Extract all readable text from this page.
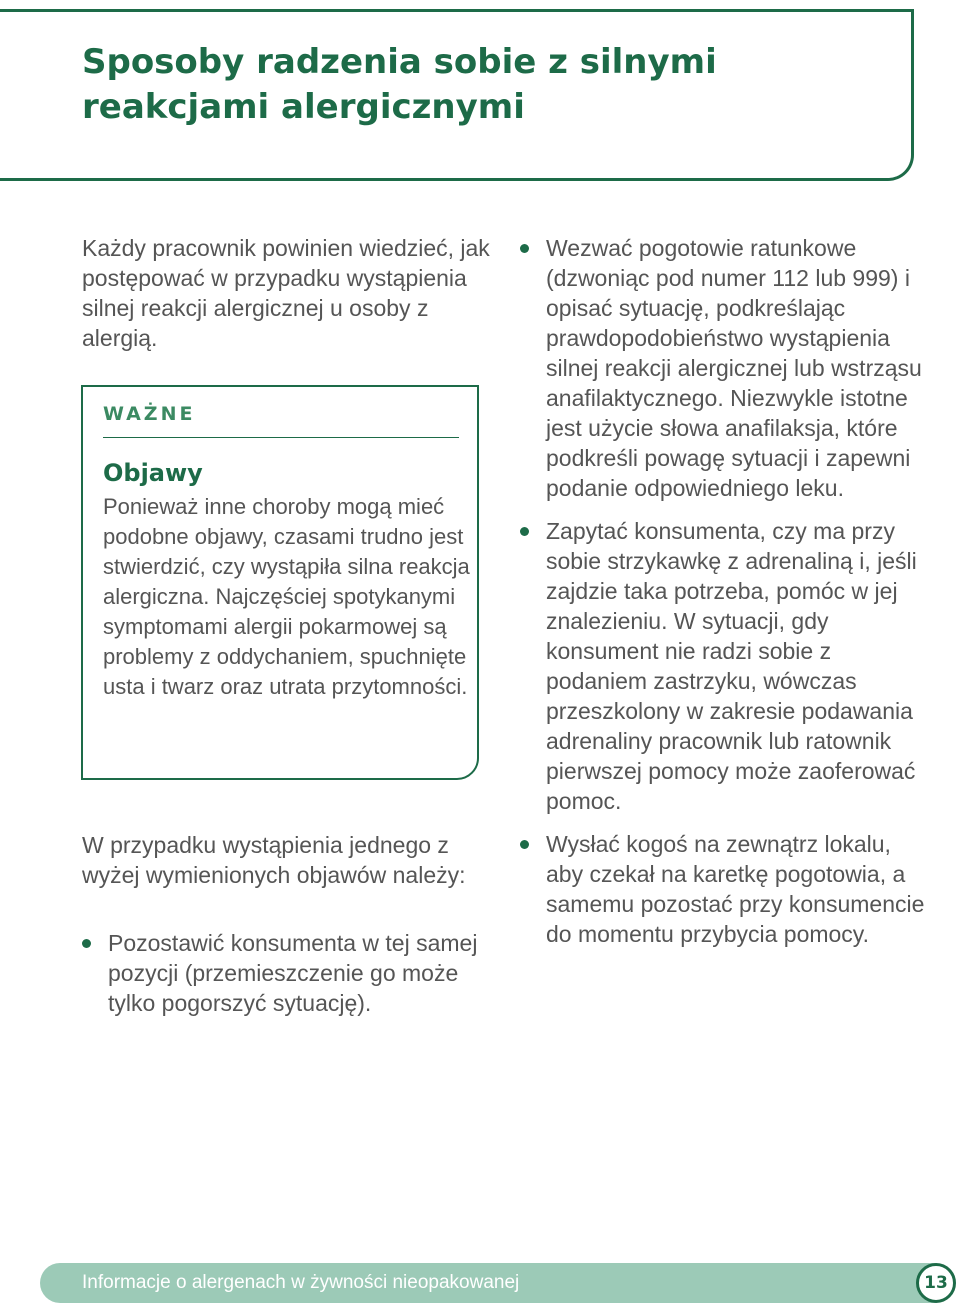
Sposoby radzenia sobie z silnymi reakcjami alergicznymi

Każdy pracownik powinien wiedzieć, jak postępować w przypadku wystąpienia silnej reakcji alergicznej u osoby z alergią.

WAŻNE
Objawy

Ponieważ inne choroby mogą mieć podobne objawy, czasami trudno jest stwierdzić, czy wystąpiła silna reakcja alergiczna. Najczęściej spotykanymi symptomami alergii pokarmowej są problemy z oddychaniem, spuchnięte usta i twarz oraz utrata przytomności.

W przypadku wystąpienia jednego z wyżej wymienionych objawów należy:

Pozostawić konsumenta w tej samej pozycji (przemieszczenie go może tylko pogorszyć sytuację).
Wezwać pogotowie ratunkowe (dzwoniąc pod numer 112 lub 999) i opisać sytuację, podkreślając prawdopodobieństwo wystąpienia silnej reakcji alergicznej lub wstrząsu anafilaktycznego. Niezwykle istotne jest użycie słowa anafilaksja, które podkreśli powagę sytuacji i zapewni podanie odpowiedniego leku.
Zapytać konsumenta, czy ma przy sobie strzykawkę z adrenaliną i, jeśli zajdzie taka potrzeba, pomóc w jej znalezieniu. W sytuacji, gdy konsument nie radzi sobie z podaniem zastrzyku, wówczas przeszkolony w zakresie podawania adrenaliny pracownik lub ratownik pierwszej pomocy może zaoferować pomoc.
Wysłać kogoś na zewnątrz lokalu, aby czekał na karetkę pogotowia, a samemu pozostać przy konsumencie do momentu przybycia pomocy.
Informacje o alergenach w żywności nieopakowanej	13
